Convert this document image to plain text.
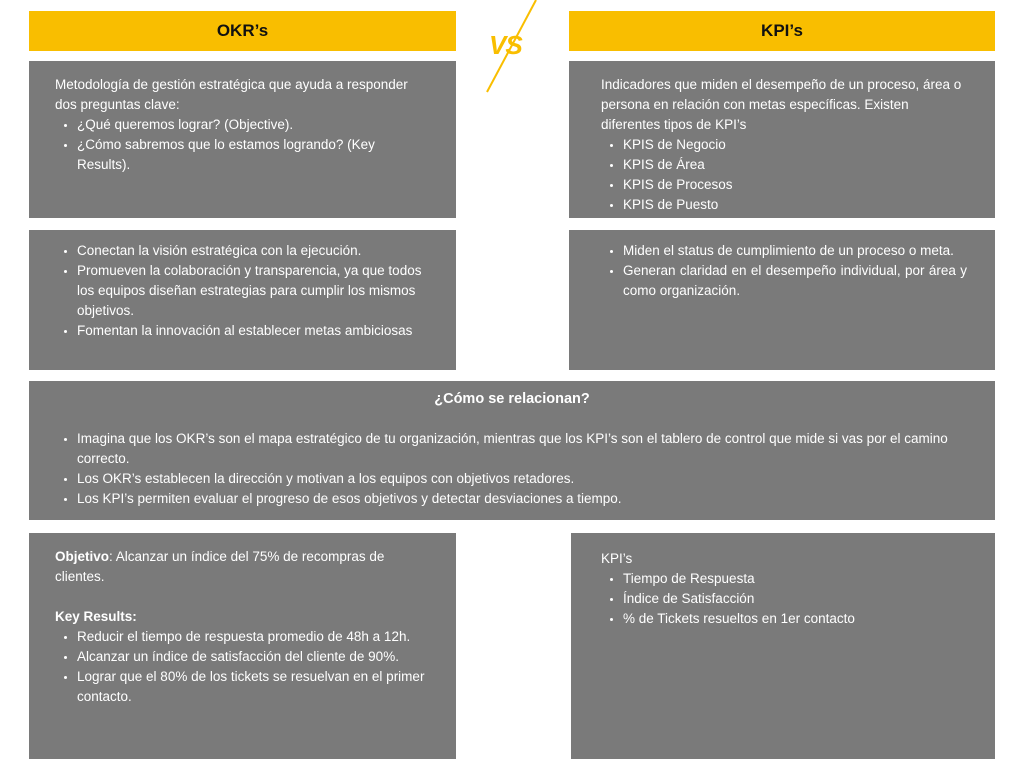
OKR’s	VS	KPI’s

Metodología de gestión estratégica que ayuda a responder dos preguntas clave:

• ¿Qué queremos lograr? (Objective).
• ¿Cómo sabremos que lo estamos logrando? (Key Results).

Indicadores que miden el desempeño de un proceso, área o persona en relación con metas específicas. Existen diferentes tipos de KPI’s

• KPIS de Negocio
• KPIS de Área
• KPIS de Procesos
• KPIS de Puesto
• Conectan la visión estratégica con la ejecución.
• Promueven la colaboración y transparencia, ya que todos los equipos diseñan estrategias para cumplir los mismos objetivos.
• Fomentan la innovación al establecer metas ambiciosas
• Miden el status de cumplimiento de un proceso o meta.
• Generan claridad en el desempeño individual, por área y como organización.
¿Cómo se relacionan?
• Imagina que los OKR’s son el mapa estratégico de tu organización, mientras que los KPI’s son el tablero de control que mide si vas por el camino correcto.
• Los OKR’s establecen la dirección y motivan a los equipos con objetivos retadores.
• Los KPI’s permiten evaluar el progreso de esos objetivos y detectar desviaciones a tiempo.

Objetivo: Alcanzar un índice del 75% de recompras de clientes.

Key Results:

• Reducir el tiempo de respuesta promedio de 48h a 12h.
• Alcanzar un índice de satisfacción del cliente de 90%.
• Lograr que el 80% de los tickets se resuelvan en el primer contacto.

KPI’s

• Tiempo de Respuesta
• Índice de Satisfacción
• % de Tickets resueltos en 1er contacto
